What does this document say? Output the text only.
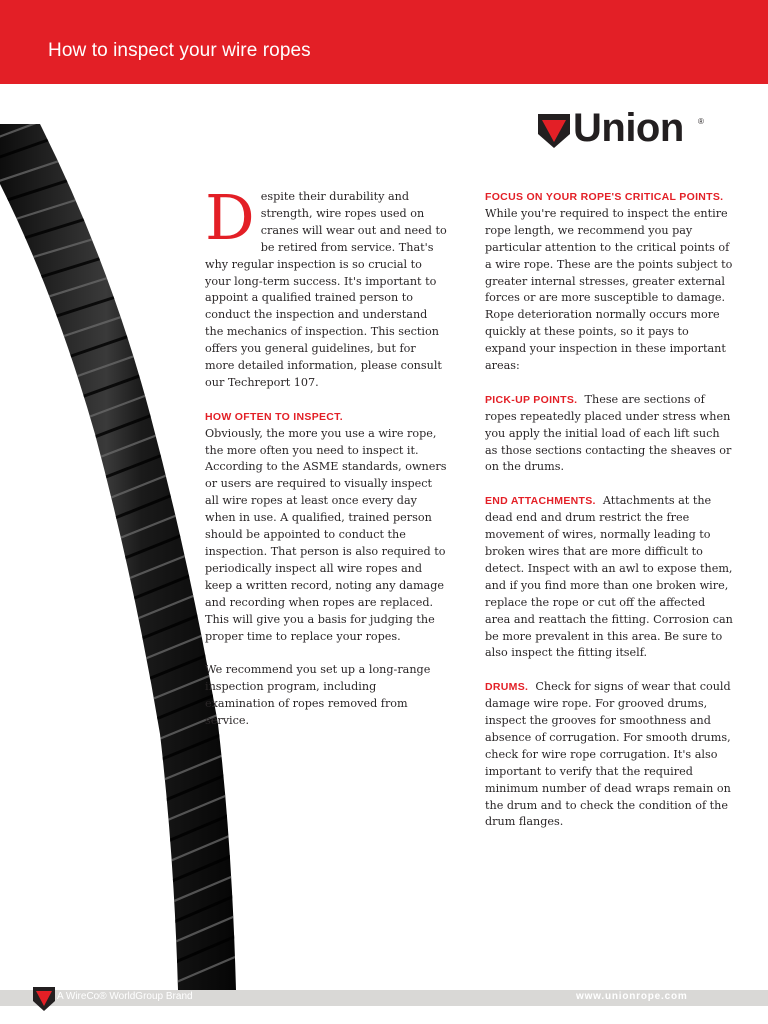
How to inspect your wire ropes
Union ®

Despite their durability and strength, wire ropes used on cranes will wear out and need to be retired from service. That's why regular inspection is so crucial to your long-term success. It's important to appoint a qualified trained person to conduct the inspection and understand the mechanics of inspection. This section offers you general guidelines, but for more detailed information, please consult our Techreport 107.

HOW OFTEN TO INSPECT.
Obviously, the more you use a wire rope, the more often you need to inspect it. According to the ASME standards, owners or users are required to visually inspect all wire ropes at least once every day when in use. A qualified, trained person should be appointed to conduct the inspection. That person is also required to periodically inspect all wire ropes and keep a written record, noting any damage and recording when ropes are replaced. This will give you a basis for judging the proper time to replace your ropes.

We recommend you set up a long-range inspection program, including examination of ropes removed from service.

FOCUS ON YOUR ROPE'S CRITICAL POINTS.
While you're required to inspect the entire rope length, we recommend you pay particular attention to the critical points of a wire rope. These are the points subject to greater internal stresses, greater external forces or are more susceptible to damage. Rope deterioration normally occurs more quickly at these points, so it pays to expand your inspection in these important areas:

PICK-UP POINTS. These are sections of ropes repeatedly placed under stress when you apply the initial load of each lift such as those sections contacting the sheaves or on the drums.

END ATTACHMENTS. Attachments at the dead end and drum restrict the free movement of wires, normally leading to broken wires that are more difficult to detect. Inspect with an awl to expose them, and if you find more than one broken wire, replace the rope or cut off the affected area and reattach the fitting. Corrosion can be more prevalent in this area. Be sure to also inspect the fitting itself.

DRUMS. Check for signs of wear that could damage wire rope. For grooved drums, inspect the grooves for smoothness and absence of corrugation. For smooth drums, check for wire rope corrugation. It's also important to verify that the required minimum number of dead wraps remain on the drum and to check the condition of the drum flanges.

A WireCo® WorldGroup Brand	www.unionrope.com
